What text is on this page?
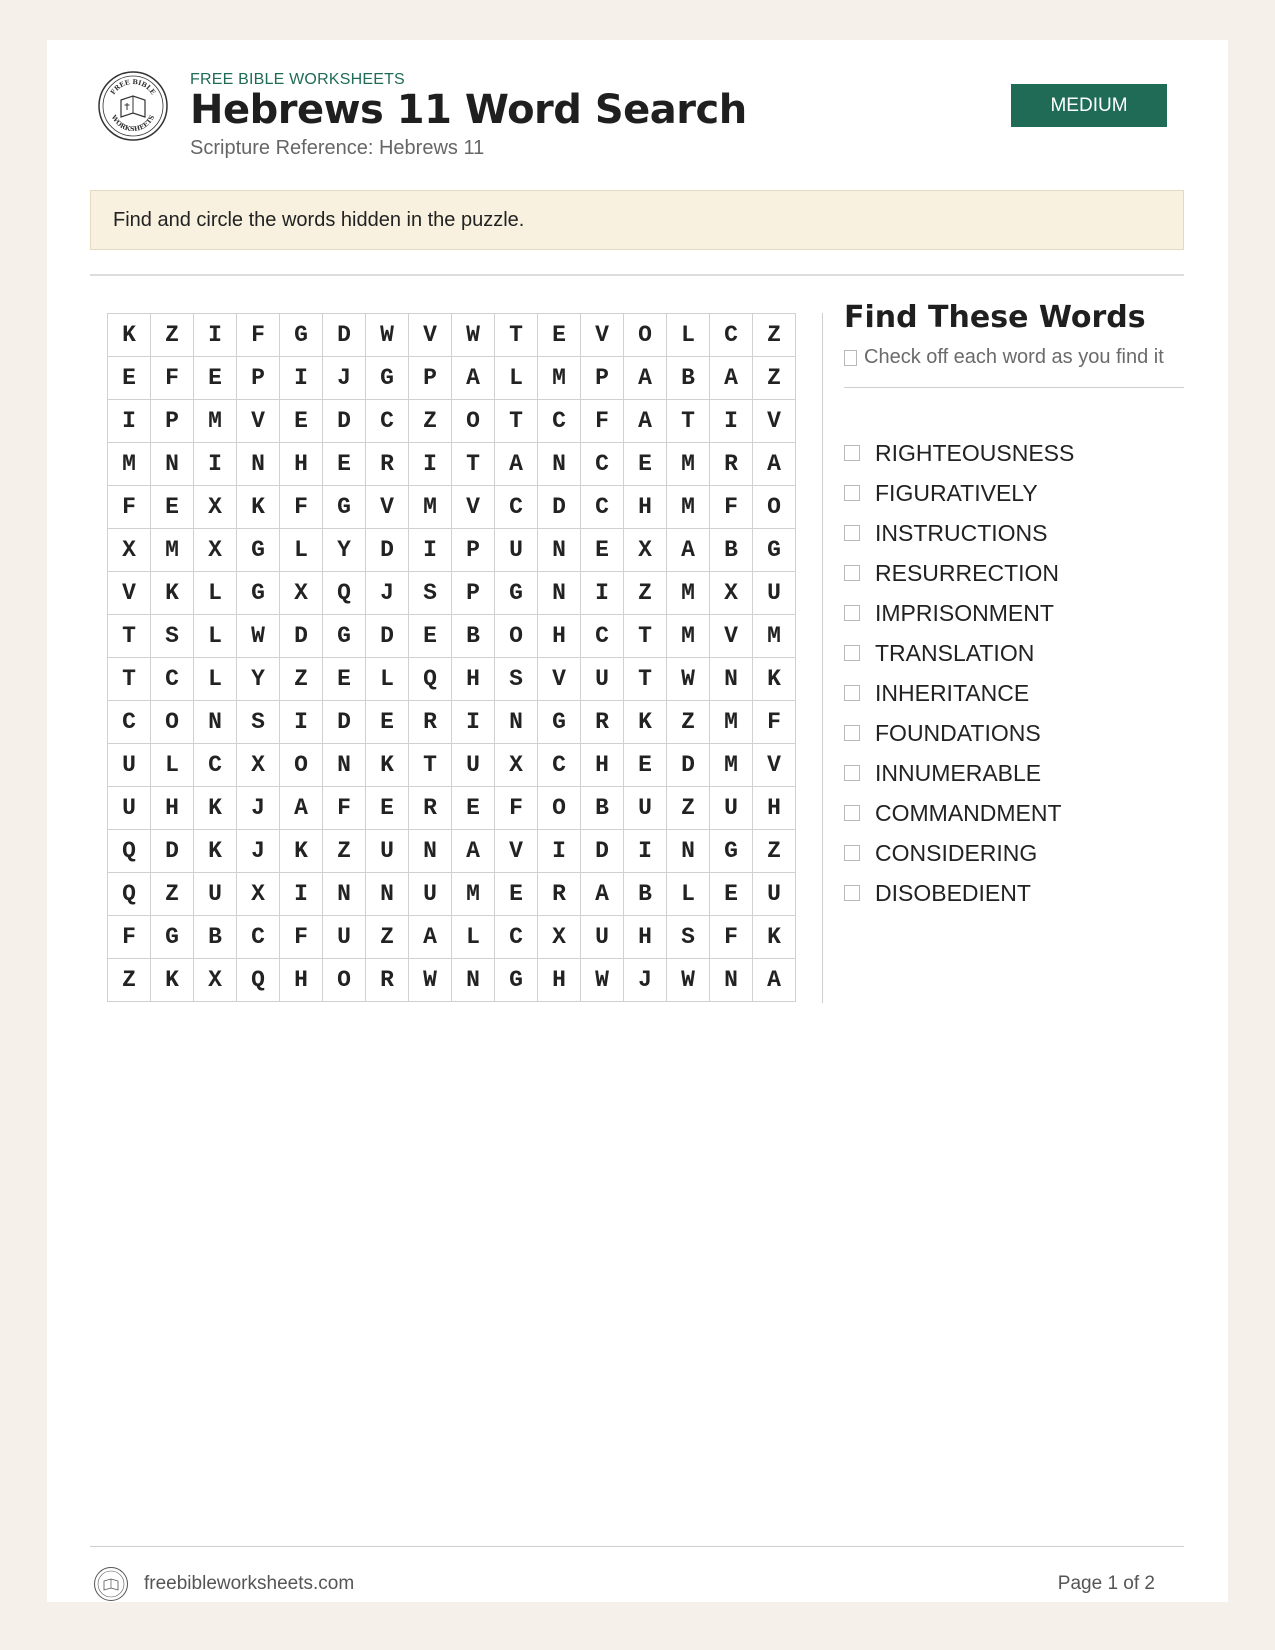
FREE BIBLE
WORKSHEETS
FREE BIBLE WORKSHEETS
Hebrews 11 Word Search
Scripture Reference: Hebrews 11
MEDIUM
Find and circle the words hidden in the puzzle.
K	Z	I	F	G	D	W	V	W	T	E	V	O	L	C	Z
E	F	E	P	I	J	G	P	A	L	M	P	A	B	A	Z
I	P	M	V	E	D	C	Z	O	T	C	F	A	T	I	V
M	N	I	N	H	E	R	I	T	A	N	C	E	M	R	A
F	E	X	K	F	G	V	M	V	C	D	C	H	M	F	O
X	M	X	G	L	Y	D	I	P	U	N	E	X	A	B	G
V	K	L	G	X	Q	J	S	P	G	N	I	Z	M	X	U
T	S	L	W	D	G	D	E	B	O	H	C	T	M	V	M
T	C	L	Y	Z	E	L	Q	H	S	V	U	T	W	N	K
C	O	N	S	I	D	E	R	I	N	G	R	K	Z	M	F
U	L	C	X	O	N	K	T	U	X	C	H	E	D	M	V
U	H	K	J	A	F	E	R	E	F	O	B	U	Z	U	H
Q	D	K	J	K	Z	U	N	A	V	I	D	I	N	G	Z
Q	Z	U	X	I	N	N	U	M	E	R	A	B	L	E	U
F	G	B	C	F	U	Z	A	L	C	X	U	H	S	F	K
Z	K	X	Q	H	O	R	W	N	G	H	W	J	W	N	A
Find These Words
Check off each word as you find it
RIGHTEOUSNESS
FIGURATIVELY
INSTRUCTIONS
RESURRECTION
IMPRISONMENT
TRANSLATION
INHERITANCE
FOUNDATIONS
INNUMERABLE
COMMANDMENT
CONSIDERING
DISOBEDIENT
freebibleworksheets.com	Page 1 of 2
